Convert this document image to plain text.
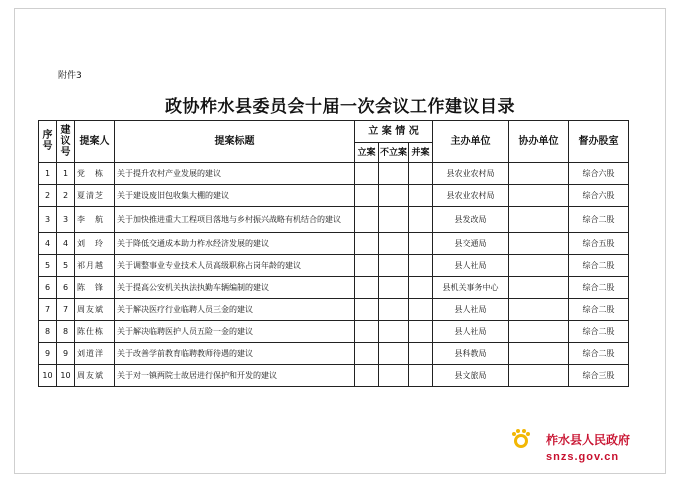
附件3
政协柞水县委员会十届一次会议工作建议目录
序号	建议号	提案人	提案标题	立 案 情 况			主办单位	协办单位	督办股室
				立案	不立案	并案			
1	1	党　栋	关于提升农村产业发展的建议				县农业农村局		综合六股
2	2	夏清芝	关于建设废旧包收集大棚的建议				县农业农村局		综合六股
3	3	李　航	关于加快推进重大工程项目落地与乡村振兴战略有机结合的建议				县发改局		综合二股
4	4	刘　玲	关于降低交通成本助力柞水经济发展的建议				县交通局		综合五股
5	5	祁月越	关于调整事业专业技术人员高级职称占岗年龄的建议				县人社局		综合二股
6	6	陈　锋	关于提高公安机关执法执勤车辆编制的建议				县机关事务中心		综合二股
7	7	周友斌	关于解决医疗行业临聘人员三金的建议				县人社局		综合二股
8	8	陈仕栋	关于解决临聘医护人员五险一金的建议				县人社局		综合二股
9	9	刘道洋	关于改善学前教育临聘教师待遇的建议				县科教局		综合二股
10	10	周友斌	关于对一镇两院士故居进行保护和开发的建议				县文旅局		综合三股
柞水县人民政府
snzs.gov.cn
